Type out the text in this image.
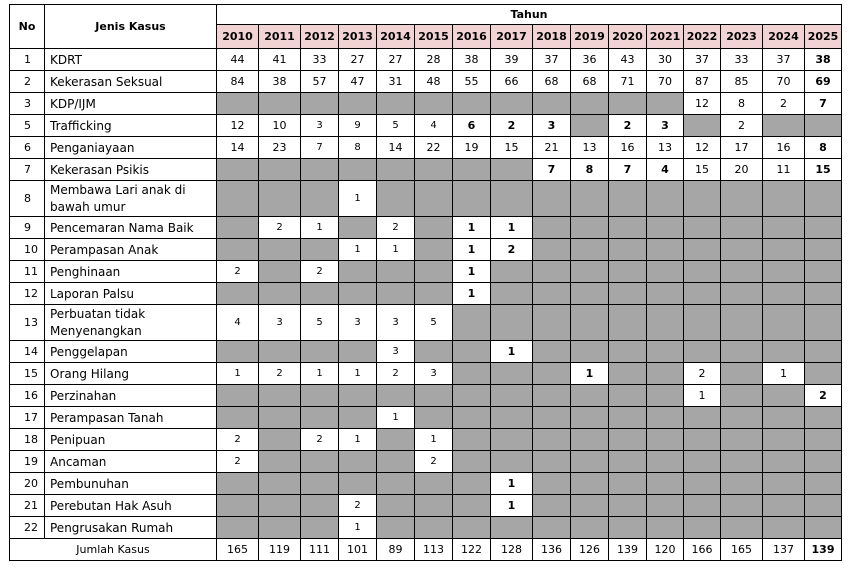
No	Jenis Kasus	Tahun															
		2010	2011	2012	2013	2014	2015	2016	2017	2018	2019	2020	2021	2022	2023	2024	2025
1	KDRT	44	41	33	27	27	28	38	39	37	36	43	30	37	33	37	38
2	Kekerasan Seksual	84	38	57	47	31	48	55	66	68	68	71	70	87	85	70	69
3	KDP/IJM													12	8	2	7
5	Trafficking	12	10	3	9	5	4	6	2	3		2	3		2		
6	Penganiayaan	14	23	7	8	14	22	19	15	21	13	16	13	12	17	16	8
7	Kekerasan Psikis									7	8	7	4	15	20	11	15
8	Membawa Lari anak di bawah umur				1												
9	Pencemaran Nama Baik		2	1		2		1	1								
10	Perampasan Anak				1	1		1	2								
11	Penghinaan	2		2				1									
12	Laporan Palsu							1									
13	Perbuatan tidak Menyenangkan	4	3	5	3	3	5										
14	Penggelapan					3			1								
15	Orang Hilang	1	2	1	1	2	3				1			2		1	
16	Perzinahan													1			2
17	Perampasan Tanah					1											
18	Penipuan	2		2	1		1										
19	Ancaman	2					2										
20	Pembunuhan								1								
21	Perebutan Hak Asuh				2				1								
22	Pengrusakan Rumah				1												
Jumlah Kasus		165	119	111	101	89	113	122	128	136	126	139	120	166	165	137	139
